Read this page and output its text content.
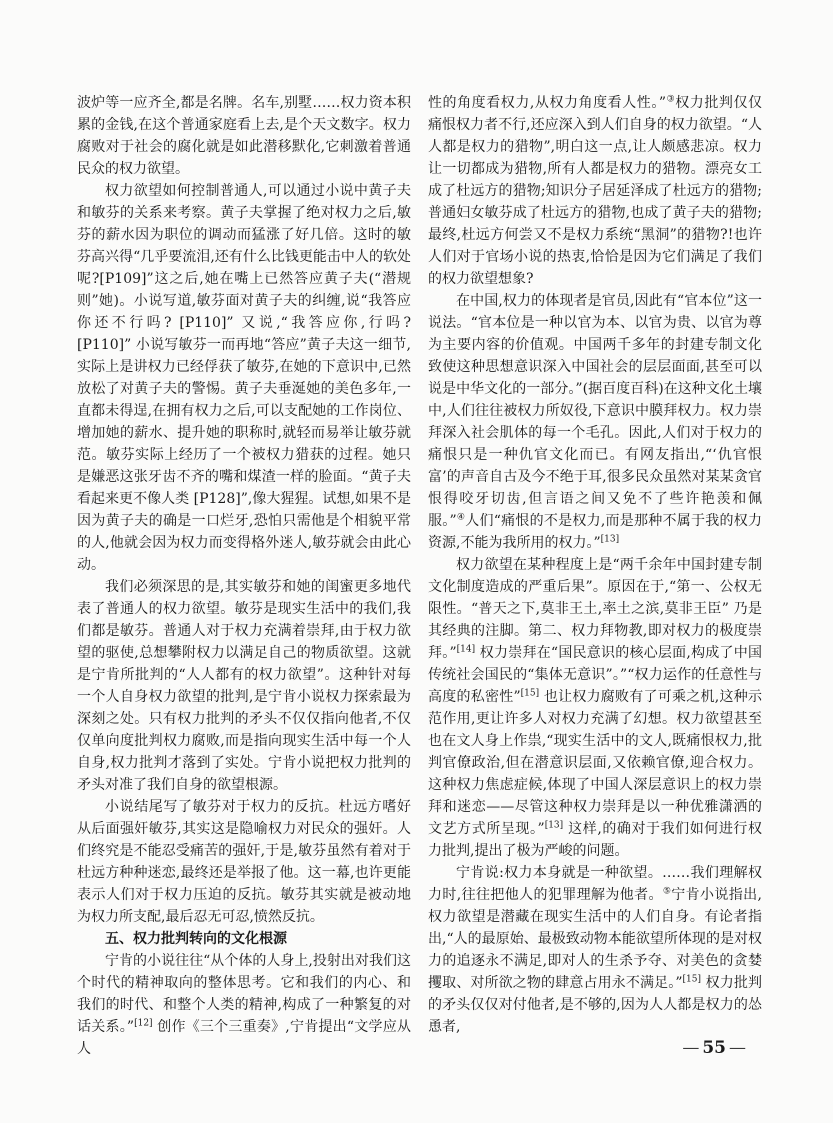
波炉等一应齐全,都是名牌。名车,别墅……权力资本积累的金钱,在这个普通家庭看上去,是个天文数字。权力腐败对于社会的腐化就是如此潜移默化,它刺激着普通民众的权力欲望。

权力欲望如何控制普通人,可以通过小说中黄子夫和敏芬的关系来考察。黄子夫掌握了绝对权力之后,敏芬的薪水因为职位的调动而猛涨了好几倍。这时的敏芬高兴得“几乎要流泪,还有什么比钱更能击中人的软处呢?[P109]”这之后,她在嘴上已然答应黄子夫(“潜规则”她)。小说写道,敏芬面对黄子夫的纠缠,说“我答应你还不行吗? [P110]” 又说,“我答应你,行吗? [P110]” 小说写敏芬一而再地“答应”黄子夫这一细节,实际上是讲权力已经俘获了敏芬,在她的下意识中,已然放松了对黄子夫的警惕。黄子夫垂涎她的美色多年,一直都未得逞,在拥有权力之后,可以支配她的工作岗位、增加她的薪水、提升她的职称时,就轻而易举让敏芬就范。敏芬实际上经历了一个被权力猎获的过程。她只是嫌恶这张牙齿不齐的嘴和煤渣一样的脸面。“黄子夫看起来更不像人类 [P128]”,像大猩猩。试想,如果不是因为黄子夫的确是一口烂牙,恐怕只需他是个相貌平常的人,他就会因为权力而变得格外迷人,敏芬就会由此心动。

我们必须深思的是,其实敏芬和她的闺蜜更多地代表了普通人的权力欲望。敏芬是现实生活中的我们,我们都是敏芬。普通人对于权力充满着崇拜,由于权力欲望的驱使,总想攀附权力以满足自己的物质欲望。这就是宁肯所批判的“人人都有的权力欲望”。这种针对每一个人自身权力欲望的批判,是宁肯小说权力探索最为深刻之处。只有权力批判的矛头不仅仅指向他者,不仅仅单向度批判权力腐败,而是指向现实生活中每一个人自身,权力批判才落到了实处。宁肯小说把权力批判的矛头对准了我们自身的欲望根源。

小说结尾写了敏芬对于权力的反抗。杜远方嗜好从后面强奸敏芬,其实这是隐喻权力对民众的强奸。人们终究是不能忍受痛苦的强奸,于是,敏芬虽然有着对于杜远方种种迷恋,最终还是举报了他。这一幕,也许更能表示人们对于权力压迫的反抗。敏芬其实就是被动地为权力所支配,最后忍无可忍,愤然反抗。

五、权力批判转向的文化根源

宁肯的小说往往“从个体的人身上,投射出对我们这个时代的精神取向的整体思考。它和我们的内心、和我们的时代、和整个人类的精神,构成了一种繁复的对话关系。”[12] 创作《三个三重奏》,宁肯提出“文学应从人

性的角度看权力,从权力角度看人性。”③权力批判仅仅痛恨权力者不行,还应深入到人们自身的权力欲望。“人人都是权力的猎物”,明白这一点,让人颇感悲凉。权力让一切都成为猎物,所有人都是权力的猎物。漂亮女工成了杜远方的猎物;知识分子居延泽成了杜远方的猎物;普通妇女敏芬成了杜远方的猎物,也成了黄子夫的猎物;最终,杜远方何尝又不是权力系统“黑洞”的猎物?!也许人们对于官场小说的热衷,恰恰是因为它们满足了我们的权力欲望想象?

在中国,权力的体现者是官员,因此有“官本位”这一说法。“官本位是一种以官为本、以官为贵、以官为尊为主要内容的价值观。中国两千多年的封建专制文化致使这种思想意识深入中国社会的层层面面,甚至可以说是中华文化的一部分。”(据百度百科)在这种文化土壤中,人们往往被权力所奴役,下意识中膜拜权力。权力崇拜深入社会肌体的每一个毛孔。因此,人们对于权力的痛恨只是一种仇官文化而已。有网友指出,“‘仇官恨富’的声音自古及今不绝于耳,很多民众虽然对某某贪官恨得咬牙切齿,但言语之间又免不了些许艳羡和佩服。”④人们“痛恨的不是权力,而是那种不属于我的权力资源,不能为我所用的权力。”[13]

权力欲望在某种程度上是“两千余年中国封建专制文化制度造成的严重后果”。原因在于,“第一、公权无限性。“普天之下,莫非王土,率土之滨,莫非王臣” 乃是其经典的注脚。第二、权力拜物教,即对权力的极度崇拜。”[14] 权力崇拜在“国民意识的核心层面,构成了中国传统社会国民的“集体无意识”。”“权力运作的任意性与高度的私密性”[15] 也让权力腐败有了可乘之机,这种示范作用,更让许多人对权力充满了幻想。权力欲望甚至也在文人身上作祟,“现实生活中的文人,既痛恨权力,批判官僚政治,但在潜意识层面,又依赖官僚,迎合权力。这种权力焦虑症候,体现了中国人深层意识上的权力崇拜和迷恋——尽管这种权力崇拜是以一种优雅潇洒的文艺方式所呈现。”[13] 这样,的确对于我们如何进行权力批判,提出了极为严峻的问题。

宁肯说:权力本身就是一种欲望。……我们理解权力时,往往把他人的犯罪理解为他者。⑤宁肯小说指出,权力欲望是潜藏在现实生活中的人们自身。有论者指出,“人的最原始、最极致动物本能欲望所体现的是对权力的追逐永不满足,即对人的生杀予夺、对美色的贪婪攫取、对所欲之物的肆意占用永不满足。”[15] 权力批判的矛头仅仅对付他者,是不够的,因为人人都是权力的怂恿者,

— 55 —
